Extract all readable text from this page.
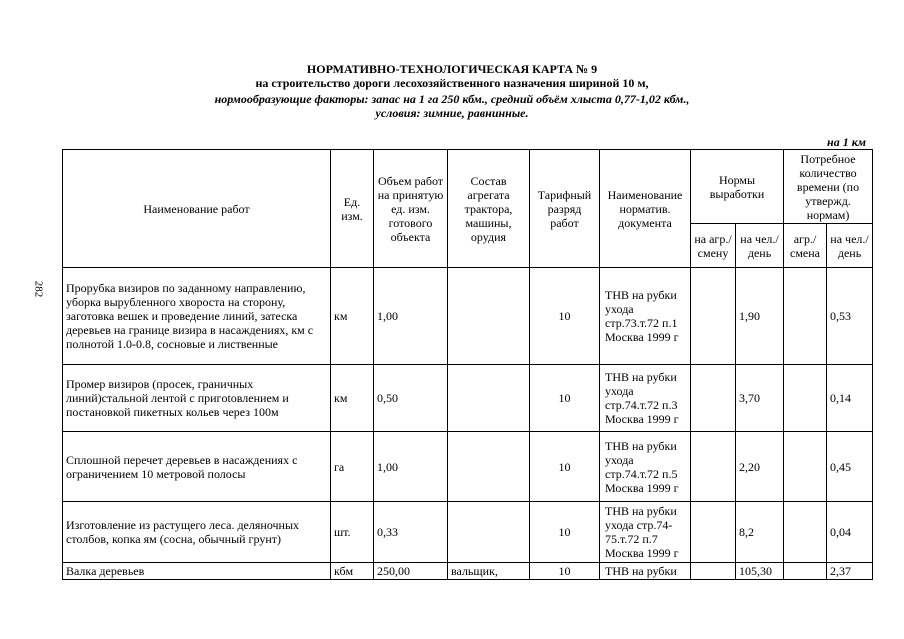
НОРМАТИВНО-ТЕХНОЛОГИЧЕСКАЯ КАРТА № 9
на строительство дороги лесохозяйственного назначения шириной 10 м,
нормообразующие факторы: запас на 1 га 250 кбм., средний объём хлыста 0,77-1,02 кбм.,
условия: зимние, равнинные.
на 1 км
282
Наименование работ	Ед. изм.	Объем работ на принятую ед. изм. готового объекта	Состав агрегата трактора, машины, орудия	Тарифный разряд работ	Наименование норматив. документа	Нормы выработки		Потребное количество времени (по утвержд. нормам)	
						на агр./ смену	на чел./ день	агр./ смена	на чел./ день
Прорубка визиров по заданному направлению, уборка вырубленного хвороста на сторону, заготовка вешек и проведение линий, затеска деревьев на границе визира в насаждениях, км с полнотой 1.0-0.8, сосновые и лиственные	км	1,00		10	ТНВ на рубки ухода стр.73.т.72 п.1 Москва 1999 г		1,90		0,53
Промер визиров (просек, граничных линий)стальной лентой с пригotовлением и постановкой пикетных кольев через 100м	км	0,50		10	ТНВ на рубки ухода стр.74.т.72 п.3 Москва 1999 г		3,70		0,14
Сплошной перечет деревьев в насаждениях с ограничением 10 метровой полосы	га	1,00		10	ТНВ на рубки ухода стр.74.т.72 п.5 Москва 1999 г		2,20		0,45
Изготовление из растущего леса. деляночных столбов, копка ям (сосна, обычный грунт)	шт.	0,33		10	ТНВ на рубки ухода стр.74-75.т.72 п.7 Москва 1999 г		8,2		0,04
Валка деревьев	кбм	250,00	вальщик,	10	ТНВ на рубки		105,30		2,37
